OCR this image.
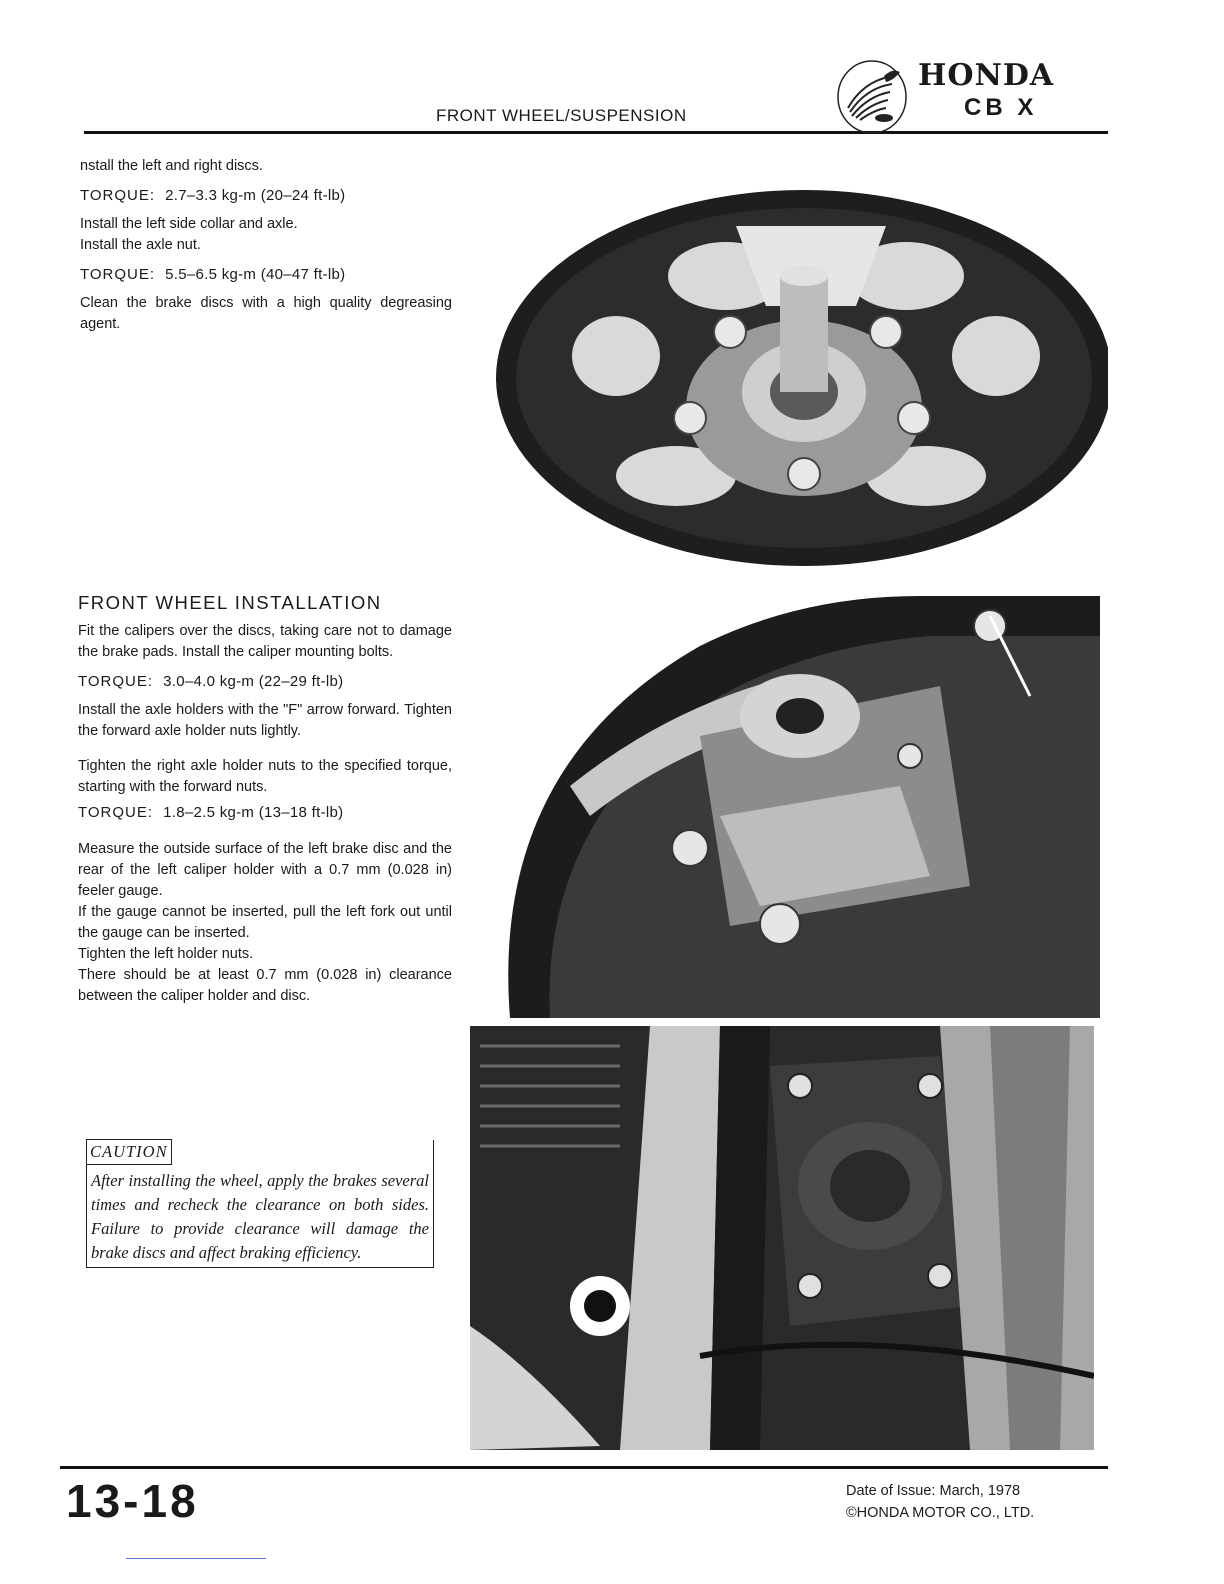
FRONT WHEEL/SUSPENSION
HONDA
CB X

nstall the left and right discs.

TORQUE: 2.7–3.3 kg-m (20–24 ft-lb)

Install the left side collar and axle.

Install the axle nut.

TORQUE: 5.5–6.5 kg-m (40–47 ft-lb)

Clean the brake discs with a high quality degreasing agent.

FRONT WHEEL INSTALLATION

Fit the calipers over the discs, taking care not to damage the brake pads. Install the caliper mounting bolts.

TORQUE: 3.0–4.0 kg-m (22–29 ft-lb)

Install the axle holders with the "F" arrow forward. Tighten the forward axle holder nuts lightly.

Tighten the right axle holder nuts to the specified torque, starting with the forward nuts.

TORQUE: 1.8–2.5 kg-m (13–18 ft-lb)

Measure the outside surface of the left brake disc and the rear of the left caliper holder with a 0.7 mm (0.028 in) feeler gauge.

If the gauge cannot be inserted, pull the left fork out until the gauge can be inserted.

Tighten the left holder nuts.

There should be at least 0.7 mm (0.028 in) clearance between the caliper holder and disc.

CAUTION
After installing the wheel, apply the brakes several times and recheck the clearance on both sides. Failure to provide clearance will damage the brake discs and affect braking efficiency.
13-18	Date of Issue: March, 1978
©HONDA MOTOR CO., LTD.
